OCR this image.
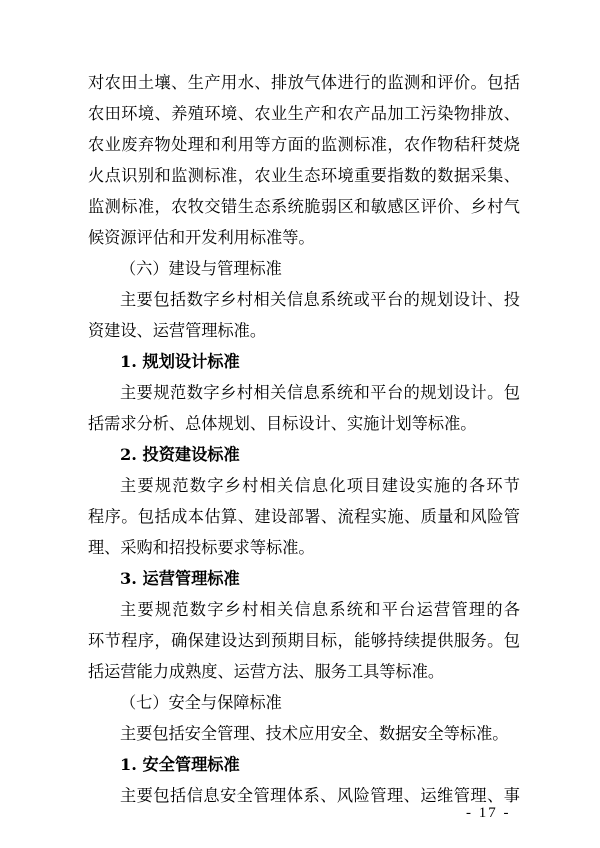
对农田土壤、生产用水、排放气体进行的监测和评价。包括
农田环境、养殖环境、农业生产和农产品加工污染物排放、
农业废弃物处理和利用等方面的监测标准，农作物秸秆焚烧
火点识别和监测标准，农业生态环境重要指数的数据采集、
监测标准，农牧交错生态系统脆弱区和敏感区评价、乡村气
候资源评估和开发利用标准等。
（六）建设与管理标准
主要包括数字乡村相关信息系统或平台的规划设计、投
资建设、运营管理标准。
1. 规划设计标准
主要规范数字乡村相关信息系统和平台的规划设计。包
括需求分析、总体规划、目标设计、实施计划等标准。
2. 投资建设标准
主要规范数字乡村相关信息化项目建设实施的各环节
程序。包括成本估算、建设部署、流程实施、质量和风险管
理、采购和招投标要求等标准。
3. 运营管理标准
主要规范数字乡村相关信息系统和平台运营管理的各
环节程序，确保建设达到预期目标，能够持续提供服务。包
括运营能力成熟度、运营方法、服务工具等标准。
（七）安全与保障标准
主要包括安全管理、技术应用安全、数据安全等标准。
1. 安全管理标准
主要包括信息安全管理体系、风险管理、运维管理、事
- 17 -
